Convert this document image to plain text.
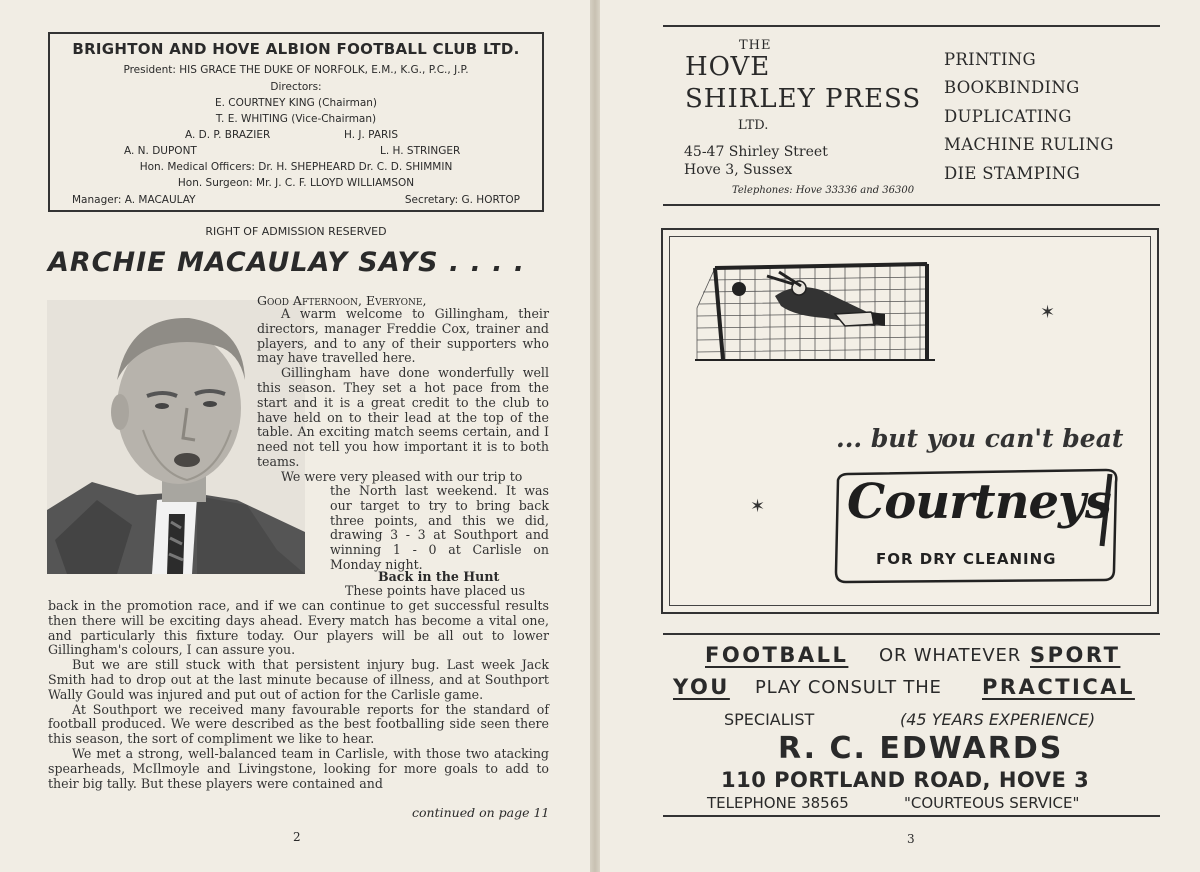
BRIGHTON AND HOVE ALBION FOOTBALL CLUB LTD.
President: HIS GRACE THE DUKE OF NORFOLK, E.M., K.G., P.C., J.P.
Directors:
E. COURTNEY KING (Chairman)
T. E. WHITING (Vice-Chairman)
A. D. P. BRAZIER	H. J. PARIS
A. N. DUPONT	L. H. STRINGER
Hon. Medical Officers: Dr. H. SHEPHEARD Dr. C. D. SHIMMIN
Hon. Surgeon: Mr. J. C. F. LLOYD WILLIAMSON
Manager: A. MACAULAY	Secretary: G. HORTOP
RIGHT OF ADMISSION RESERVED
ARCHIE MACAULAY SAYS . . . .
Good Afternoon, Everyone,

A warm welcome to Gillingham, their directors, manager Freddie Cox, trainer and players, and to any of their supporters who may have travelled here.

Gillingham have done wonderfully well this season. They set a hot pace from the start and it is a great credit to the club to have held on to their lead at the top of the table. An exciting match seems certain, and I need not tell you how important it is to both teams.

We were very pleased with our trip to

the North last weekend. It was our target to try to bring back three points, and this we did, drawing 3 - 3 at Southport and winning 1 - 0 at Carlisle on Monday night.

Back in the Hunt
These points have placed us

back in the promotion race, and if we can continue to get successful results then there will be exciting days ahead. Every match has become a vital one, and particularly this fixture today. Our players will be all out to lower Gillingham's colours, I can assure you.

But we are still stuck with that persistent injury bug. Last week Jack Smith had to drop out at the last minute because of illness, and at Southport Wally Gould was injured and put out of action for the Carlisle game.

At Southport we received many favourable reports for the standard of football produced. We were described as the best footballing side seen there this season, the sort of compliment we like to hear.

We met a strong, well-balanced team in Carlisle, with those two atacking spearheads, McIlmoyle and Livingstone, looking for more goals to add to their big tally. But these players were contained and

continued on page 11
2
THE
HOVE
SHIRLEY PRESS
LTD.
45-47 Shirley Street
Hove 3, Sussex
Telephones: Hove 33336 and 36300
PRINTING
BOOKBINDING
DUPLICATING
MACHINE RULING
DIE STAMPING
✶
✶
... but you can't beat
Courtneys
FOR DRY CLEANING
FOOTBALL OR WHATEVER SPORT
YOU PLAY CONSULT THE PRACTICAL
SPECIALIST	(45 YEARS EXPERIENCE)
R. C. EDWARDS
110 PORTLAND ROAD, HOVE 3
TELEPHONE 38565	"COURTEOUS SERVICE"
3
